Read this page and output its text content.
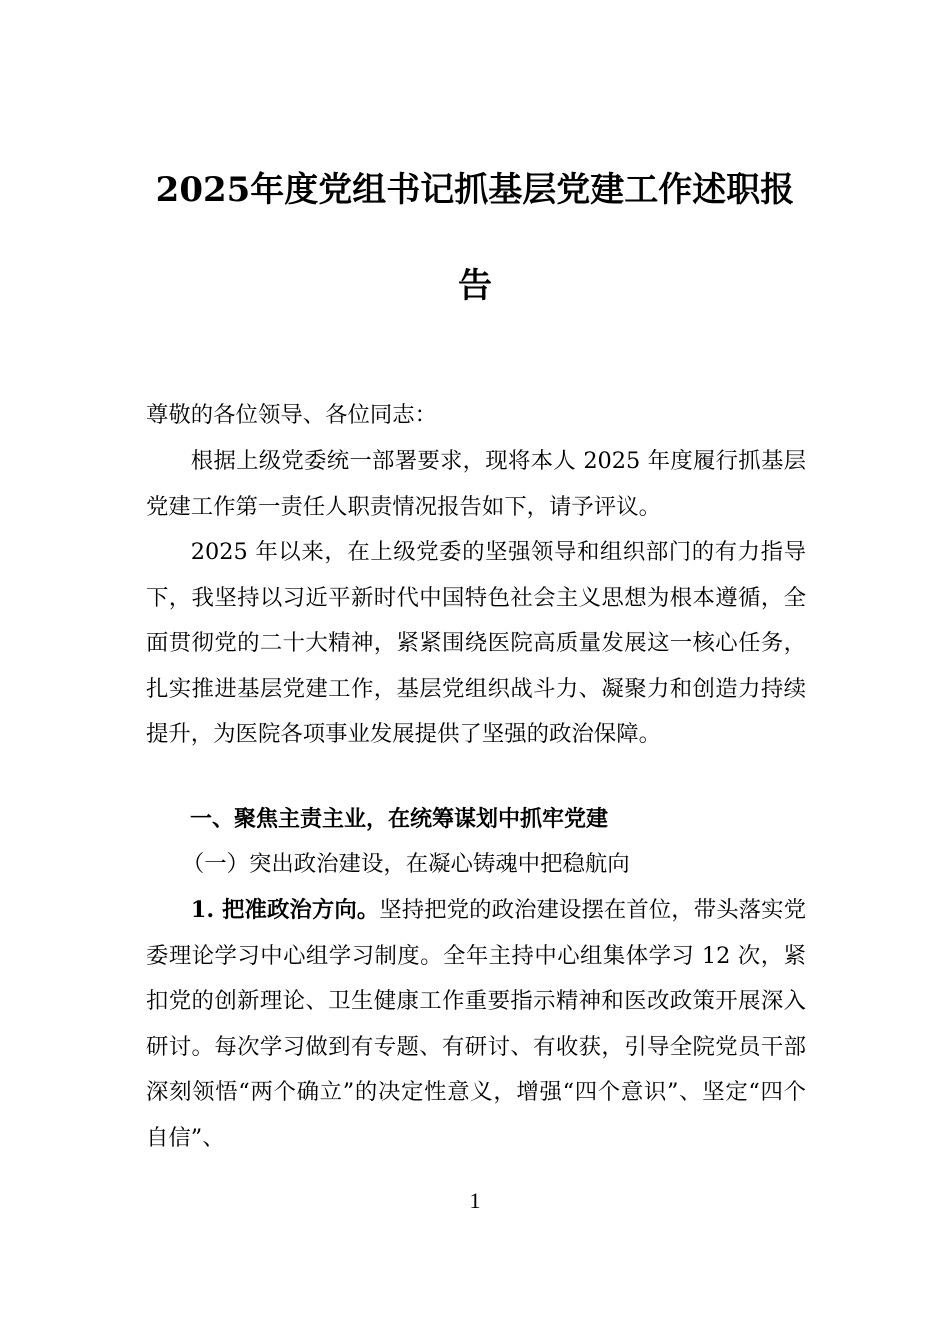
2025年度党组书记抓基层党建工作述职报
告
尊敬的各位领导、各位同志：

根据上级党委统一部署要求，现将本人 2025 年度履行抓基层党建工作第一责任人职责情况报告如下，请予评议。

2025 年以来，在上级党委的坚强领导和组织部门的有力指导下，我坚持以习近平新时代中国特色社会主义思想为根本遵循，全面贯彻党的二十大精神，紧紧围绕医院高质量发展这一核心任务，扎实推进基层党建工作，基层党组织战斗力、凝聚力和创造力持续提升，为医院各项事业发展提供了坚强的政治保障。

一、聚焦主责主业，在统筹谋划中抓牢党建
（一）突出政治建设，在凝心铸魂中把稳航向

1. 把准政治方向。坚持把党的政治建设摆在首位，带头落实党委理论学习中心组学习制度。全年主持中心组集体学习 12 次，紧扣党的创新理论、卫生健康工作重要指示精神和医改政策开展深入研讨。每次学习做到有专题、有研讨、有收获，引导全院党员干部深刻领悟“两个确立”的决定性意义，增强“四个意识”、坚定“四个自信”、

1
